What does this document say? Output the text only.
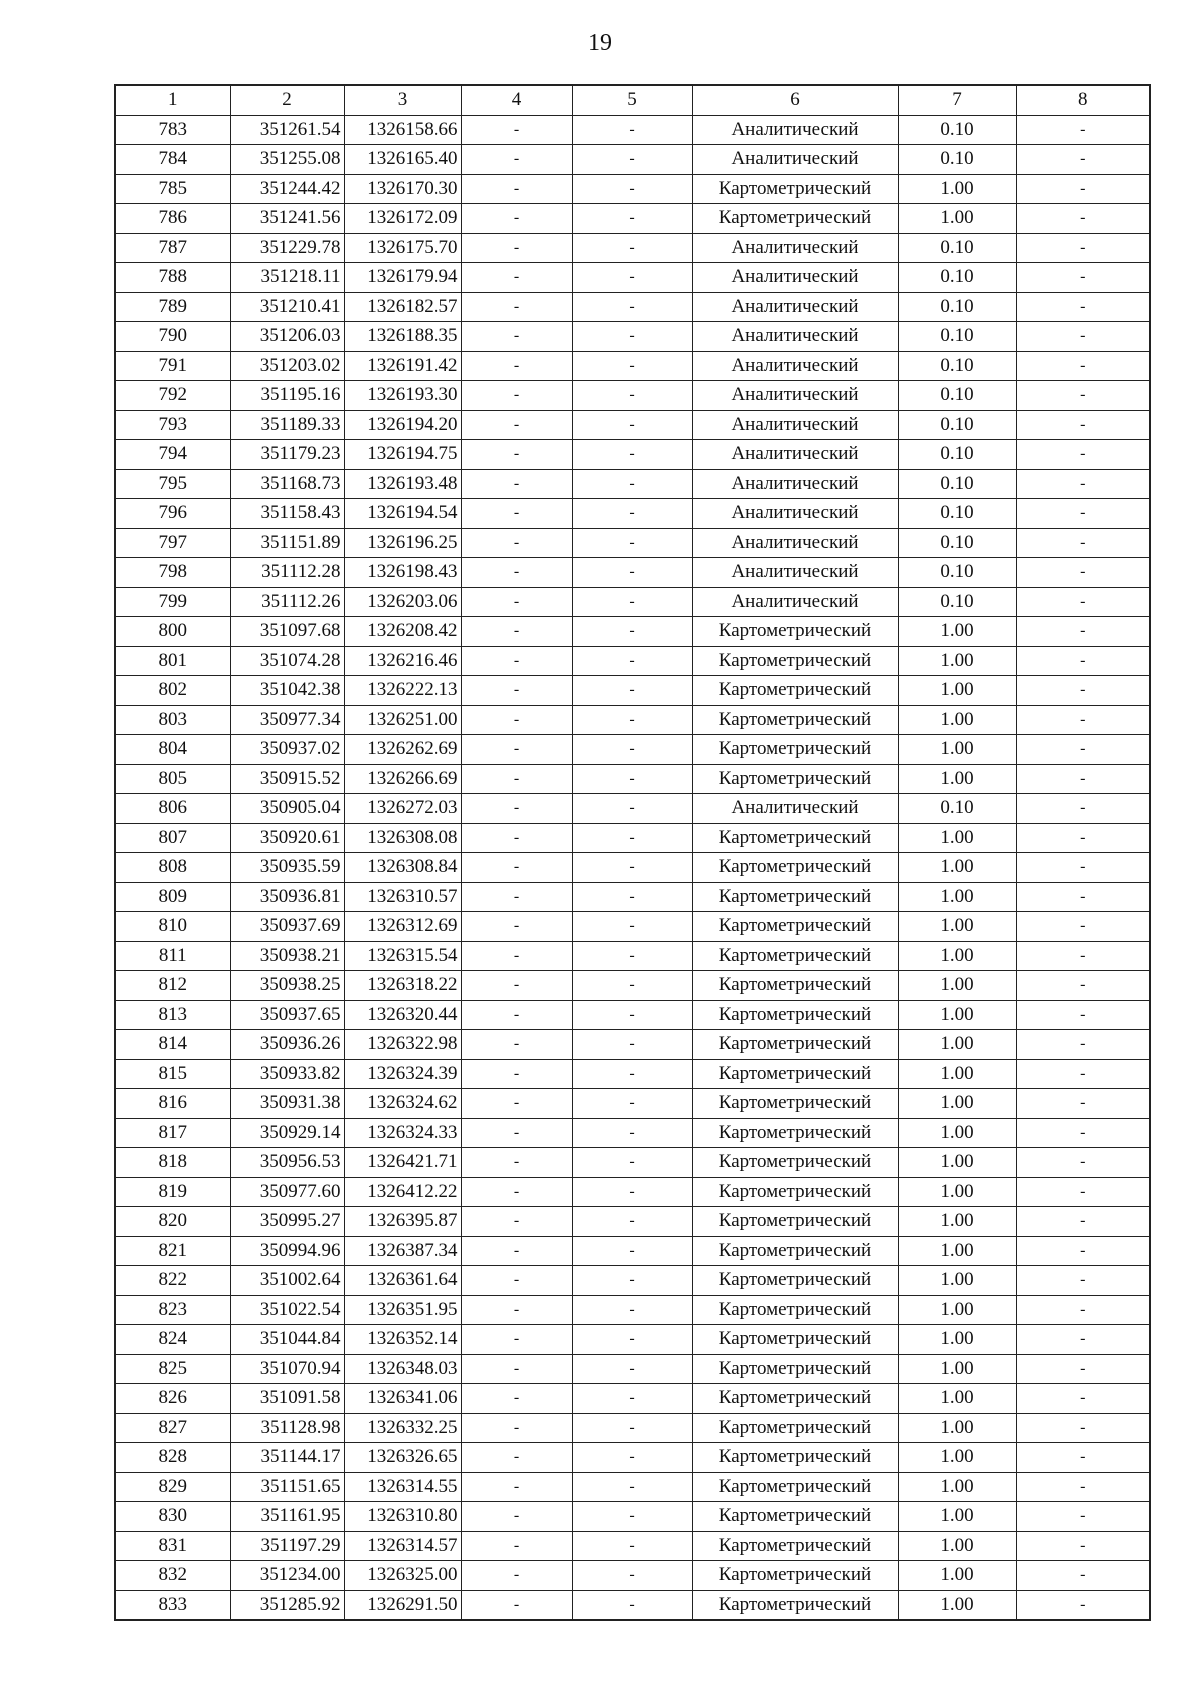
19
1	2	3	4	5	6	7	8
783	351261.54	1326158.66	-	-	Аналитический	0.10	-
784	351255.08	1326165.40	-	-	Аналитический	0.10	-
785	351244.42	1326170.30	-	-	Картометрический	1.00	-
786	351241.56	1326172.09	-	-	Картометрический	1.00	-
787	351229.78	1326175.70	-	-	Аналитический	0.10	-
788	351218.11	1326179.94	-	-	Аналитический	0.10	-
789	351210.41	1326182.57	-	-	Аналитический	0.10	-
790	351206.03	1326188.35	-	-	Аналитический	0.10	-
791	351203.02	1326191.42	-	-	Аналитический	0.10	-
792	351195.16	1326193.30	-	-	Аналитический	0.10	-
793	351189.33	1326194.20	-	-	Аналитический	0.10	-
794	351179.23	1326194.75	-	-	Аналитический	0.10	-
795	351168.73	1326193.48	-	-	Аналитический	0.10	-
796	351158.43	1326194.54	-	-	Аналитический	0.10	-
797	351151.89	1326196.25	-	-	Аналитический	0.10	-
798	351112.28	1326198.43	-	-	Аналитический	0.10	-
799	351112.26	1326203.06	-	-	Аналитический	0.10	-
800	351097.68	1326208.42	-	-	Картометрический	1.00	-
801	351074.28	1326216.46	-	-	Картометрический	1.00	-
802	351042.38	1326222.13	-	-	Картометрический	1.00	-
803	350977.34	1326251.00	-	-	Картометрический	1.00	-
804	350937.02	1326262.69	-	-	Картометрический	1.00	-
805	350915.52	1326266.69	-	-	Картометрический	1.00	-
806	350905.04	1326272.03	-	-	Аналитический	0.10	-
807	350920.61	1326308.08	-	-	Картометрический	1.00	-
808	350935.59	1326308.84	-	-	Картометрический	1.00	-
809	350936.81	1326310.57	-	-	Картометрический	1.00	-
810	350937.69	1326312.69	-	-	Картометрический	1.00	-
811	350938.21	1326315.54	-	-	Картометрический	1.00	-
812	350938.25	1326318.22	-	-	Картометрический	1.00	-
813	350937.65	1326320.44	-	-	Картометрический	1.00	-
814	350936.26	1326322.98	-	-	Картометрический	1.00	-
815	350933.82	1326324.39	-	-	Картометрический	1.00	-
816	350931.38	1326324.62	-	-	Картометрический	1.00	-
817	350929.14	1326324.33	-	-	Картометрический	1.00	-
818	350956.53	1326421.71	-	-	Картометрический	1.00	-
819	350977.60	1326412.22	-	-	Картометрический	1.00	-
820	350995.27	1326395.87	-	-	Картометрический	1.00	-
821	350994.96	1326387.34	-	-	Картометрический	1.00	-
822	351002.64	1326361.64	-	-	Картометрический	1.00	-
823	351022.54	1326351.95	-	-	Картометрический	1.00	-
824	351044.84	1326352.14	-	-	Картометрический	1.00	-
825	351070.94	1326348.03	-	-	Картометрический	1.00	-
826	351091.58	1326341.06	-	-	Картометрический	1.00	-
827	351128.98	1326332.25	-	-	Картометрический	1.00	-
828	351144.17	1326326.65	-	-	Картометрический	1.00	-
829	351151.65	1326314.55	-	-	Картометрический	1.00	-
830	351161.95	1326310.80	-	-	Картометрический	1.00	-
831	351197.29	1326314.57	-	-	Картометрический	1.00	-
832	351234.00	1326325.00	-	-	Картометрический	1.00	-
833	351285.92	1326291.50	-	-	Картометрический	1.00	-
